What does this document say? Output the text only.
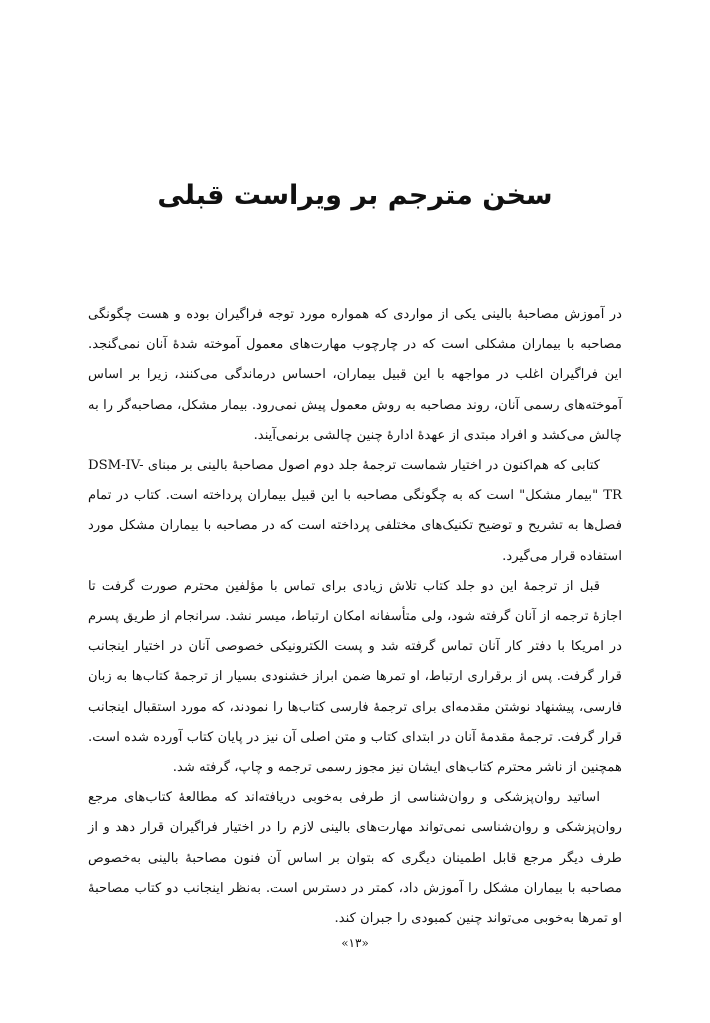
سخن مترجم بر ویراست قبلی

در آموزش مصاحبهٔ بالینی یکی از مواردی که همواره مورد توجه فراگیران بوده و هست چگونگی مصاحبه با بیماران مشکلی است که در چارچوب مهارت‌های معمول آموخته شدهٔ آنان نمی‌گنجد. این فراگیران اغلب در مواجهه با این قبیل بیماران، احساس درماندگی می‌کنند، زیرا بر اساس آموخته‌های رسمی آنان، روند مصاحبه به روش معمول پیش نمی‌رود. بیمار مشکل، مصاحبه‌گر را به چالش می‌کشد و افراد مبتدی از عهدهٔ ادارهٔ چنین چالشی برنمی‌آیند.

کتابی که هم‌اکنون در اختیار شماست ترجمهٔ جلد دوم اصول مصاحبهٔ بالینی بر مبنای DSM-IV-TR "بیمار مشکل" است که به چگونگی مصاحبه با این قبیل بیماران پرداخته است. کتاب در تمام فصل‌ها به تشریح و توضیح تکنیک‌های مختلفی پرداخته است که در مصاحبه با بیماران مشکل مورد استفاده قرار می‌گیرد.

قبل از ترجمهٔ این دو جلد کتاب تلاش زیادی برای تماس با مؤلفین محترم صورت گرفت تا اجازهٔ ترجمه از آنان گرفته شود، ولی متأسفانه امکان ارتباط، میسر نشد. سرانجام از طریق پسرم در امریکا با دفتر کار آنان تماس گرفته شد و پست الکترونیکی خصوصی آنان در اختیار اینجانب قرار گرفت. پس از برقراری ارتباط، او تمرها ضمن ابراز خشنودی بسیار از ترجمهٔ کتاب‌ها به زبان فارسی، پیشنهاد نوشتن مقدمه‌ای برای ترجمهٔ فارسی کتاب‌ها را نمودند، که مورد استقبال اینجانب قرار گرفت. ترجمهٔ مقدمهٔ آنان در ابتدای کتاب و متن اصلی آن نیز در پایان کتاب آورده شده است. همچنین از ناشر محترم کتاب‌های ایشان نیز مجوز رسمی ترجمه و چاپ، گرفته شد.

اساتید روان‌پزشکی و روان‌شناسی از طرفی به‌خوبی دریافته‌اند که مطالعهٔ کتاب‌های مرجع روان‌پزشکی و روان‌شناسی نمی‌تواند مهارت‌های بالینی لازم را در اختیار فراگیران قرار دهد و از طرف دیگر مرجع قابل اطمینان دیگری که بتوان بر اساس آن فنون مصاحبهٔ بالینی به‌خصوص مصاحبه با بیماران مشکل را آموزش داد، کمتر در دسترس است. به‌نظر اینجانب دو کتاب مصاحبهٔ او تمرها به‌خوبی می‌تواند چنین کمبودی را جبران کند.

«۱۳»
